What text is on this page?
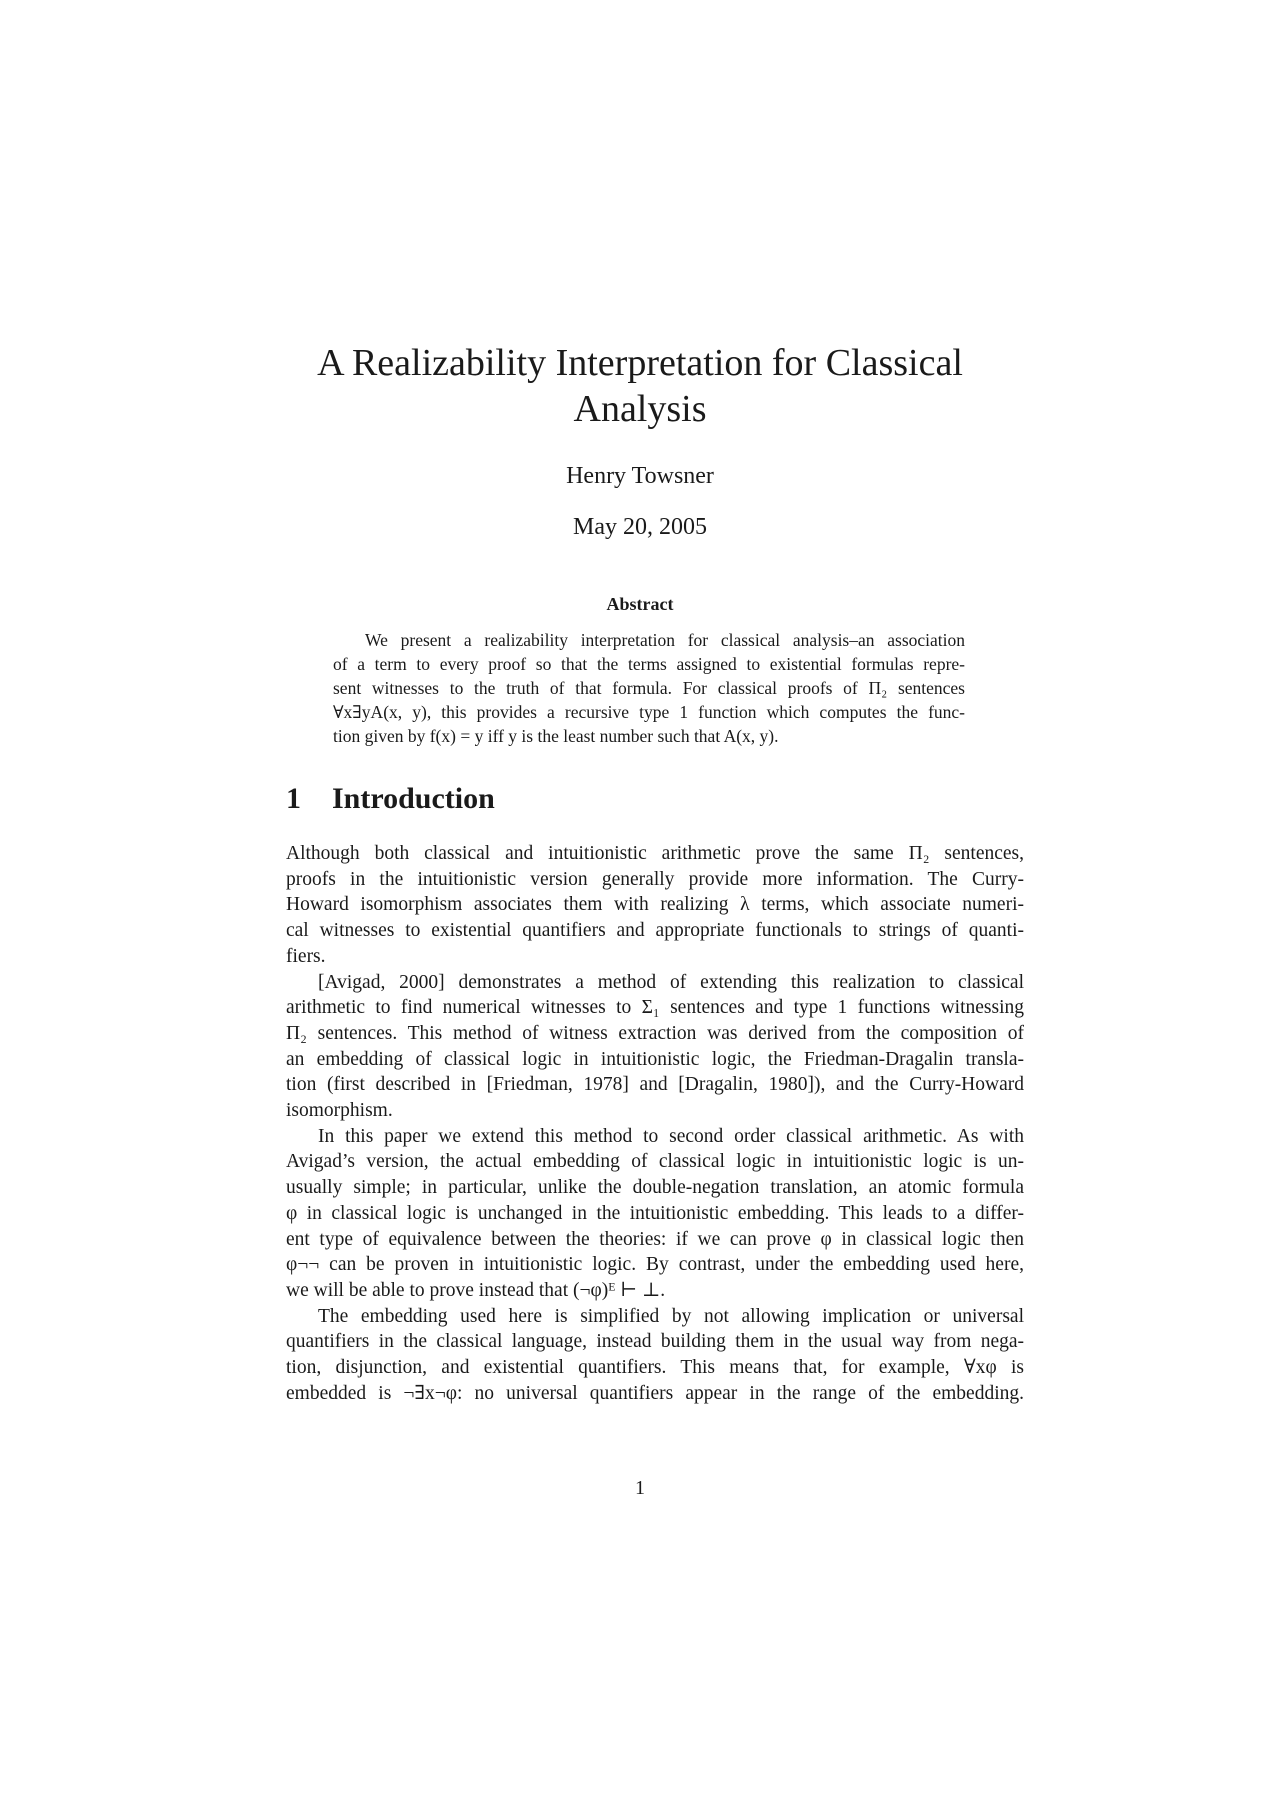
A Realizability Interpretation for Classical
Analysis
Henry Towsner
May 20, 2005
Abstract
We present a realizability interpretation for classical analysis–an association
of a term to every proof so that the terms assigned to existential formulas repre-
sent witnesses to the truth of that formula. For classical proofs of Π₂ sentences
∀x∃yA(x, y), this provides a recursive type 1 function which computes the func-
tion given by f(x) = y iff y is the least number such that A(x, y).
1 Introduction
Although both classical and intuitionistic arithmetic prove the same Π₂ sentences,
proofs in the intuitionistic version generally provide more information. The Curry-
Howard isomorphism associates them with realizing λ terms, which associate numeri-
cal witnesses to existential quantifiers and appropriate functionals to strings of quanti-
fiers.
[Avigad, 2000] demonstrates a method of extending this realization to classical
arithmetic to find numerical witnesses to Σ₁ sentences and type 1 functions witnessing
Π₂ sentences. This method of witness extraction was derived from the composition of
an embedding of classical logic in intuitionistic logic, the Friedman-Dragalin transla-
tion (first described in [Friedman, 1978] and [Dragalin, 1980]), and the Curry-Howard
isomorphism.
In this paper we extend this method to second order classical arithmetic. As with
Avigad’s version, the actual embedding of classical logic in intuitionistic logic is un-
usually simple; in particular, unlike the double-negation translation, an atomic formula
φ in classical logic is unchanged in the intuitionistic embedding. This leads to a differ-
ent type of equivalence between the theories: if we can prove φ in classical logic then
φ¬¬ can be proven in intuitionistic logic. By contrast, under the embedding used here,
we will be able to prove instead that (¬φ)ᴱ ⊢ ⊥.
The embedding used here is simplified by not allowing implication or universal
quantifiers in the classical language, instead building them in the usual way from nega-
tion, disjunction, and existential quantifiers. This means that, for example, ∀xφ is
embedded is ¬∃x¬φ: no universal quantifiers appear in the range of the embedding.
1
